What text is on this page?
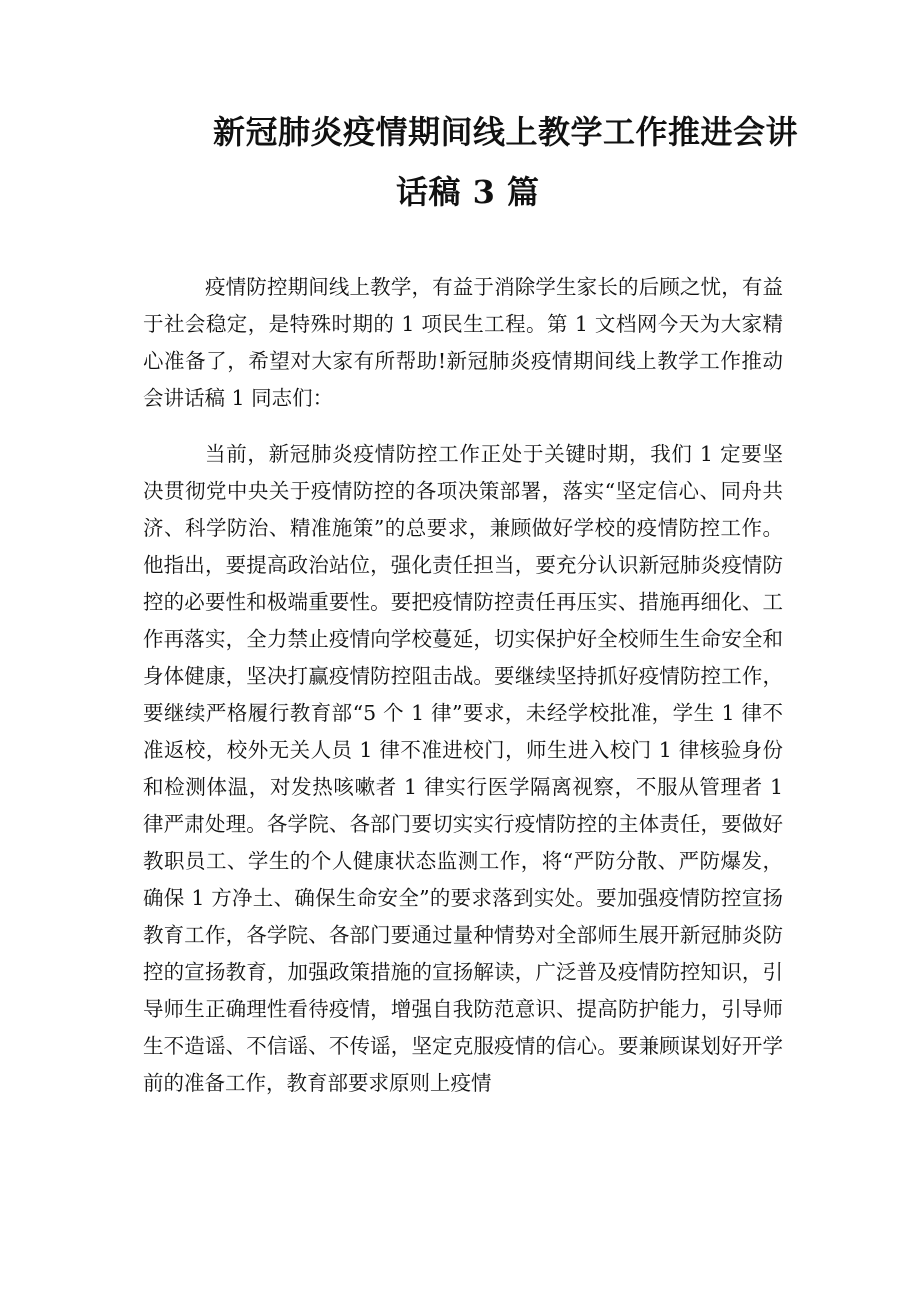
新冠肺炎疫情期间线上教学工作推进会讲
话稿 3 篇

疫情防控期间线上教学，有益于消除学生家长的后顾之忧，有益于社会稳定，是特殊时期的 1 项民生工程。第 1 文档网今天为大家精心准备了，希望对大家有所帮助!新冠肺炎疫情期间线上教学工作推动会讲话稿 1 同志们：

当前，新冠肺炎疫情防控工作正处于关键时期，我们 1 定要坚决贯彻党中央关于疫情防控的各项决策部署，落实“坚定信心、同舟共济、科学防治、精准施策”的总要求，兼顾做好学校的疫情防控工作。他指出，要提高政治站位，强化责任担当，要充分认识新冠肺炎疫情防控的必要性和极端重要性。要把疫情防控责任再压实、措施再细化、工作再落实，全力禁止疫情向学校蔓延，切实保护好全校师生生命安全和身体健康，坚决打赢疫情防控阻击战。要继续坚持抓好疫情防控工作，要继续严格履行教育部“5 个 1 律”要求，未经学校批准，学生 1 律不准返校，校外无关人员 1 律不准进校门，师生进入校门 1 律核验身份和检测体温，对发热咳嗽者 1 律实行医学隔离视察，不服从管理者 1 律严肃处理。各学院、各部门要切实实行疫情防控的主体责任，要做好教职员工、学生的个人健康状态监测工作，将“严防分散、严防爆发，确保 1 方净土、确保生命安全”的要求落到实处。要加强疫情防控宣扬教育工作，各学院、各部门要通过量种情势对全部师生展开新冠肺炎防控的宣扬教育，加强政策措施的宣扬解读，广泛普及疫情防控知识，引导师生正确理性看待疫情，增强自我防范意识、提高防护能力，引导师生不造谣、不信谣、不传谣，坚定克服疫情的信心。要兼顾谋划好开学前的准备工作，教育部要求原则上疫情
